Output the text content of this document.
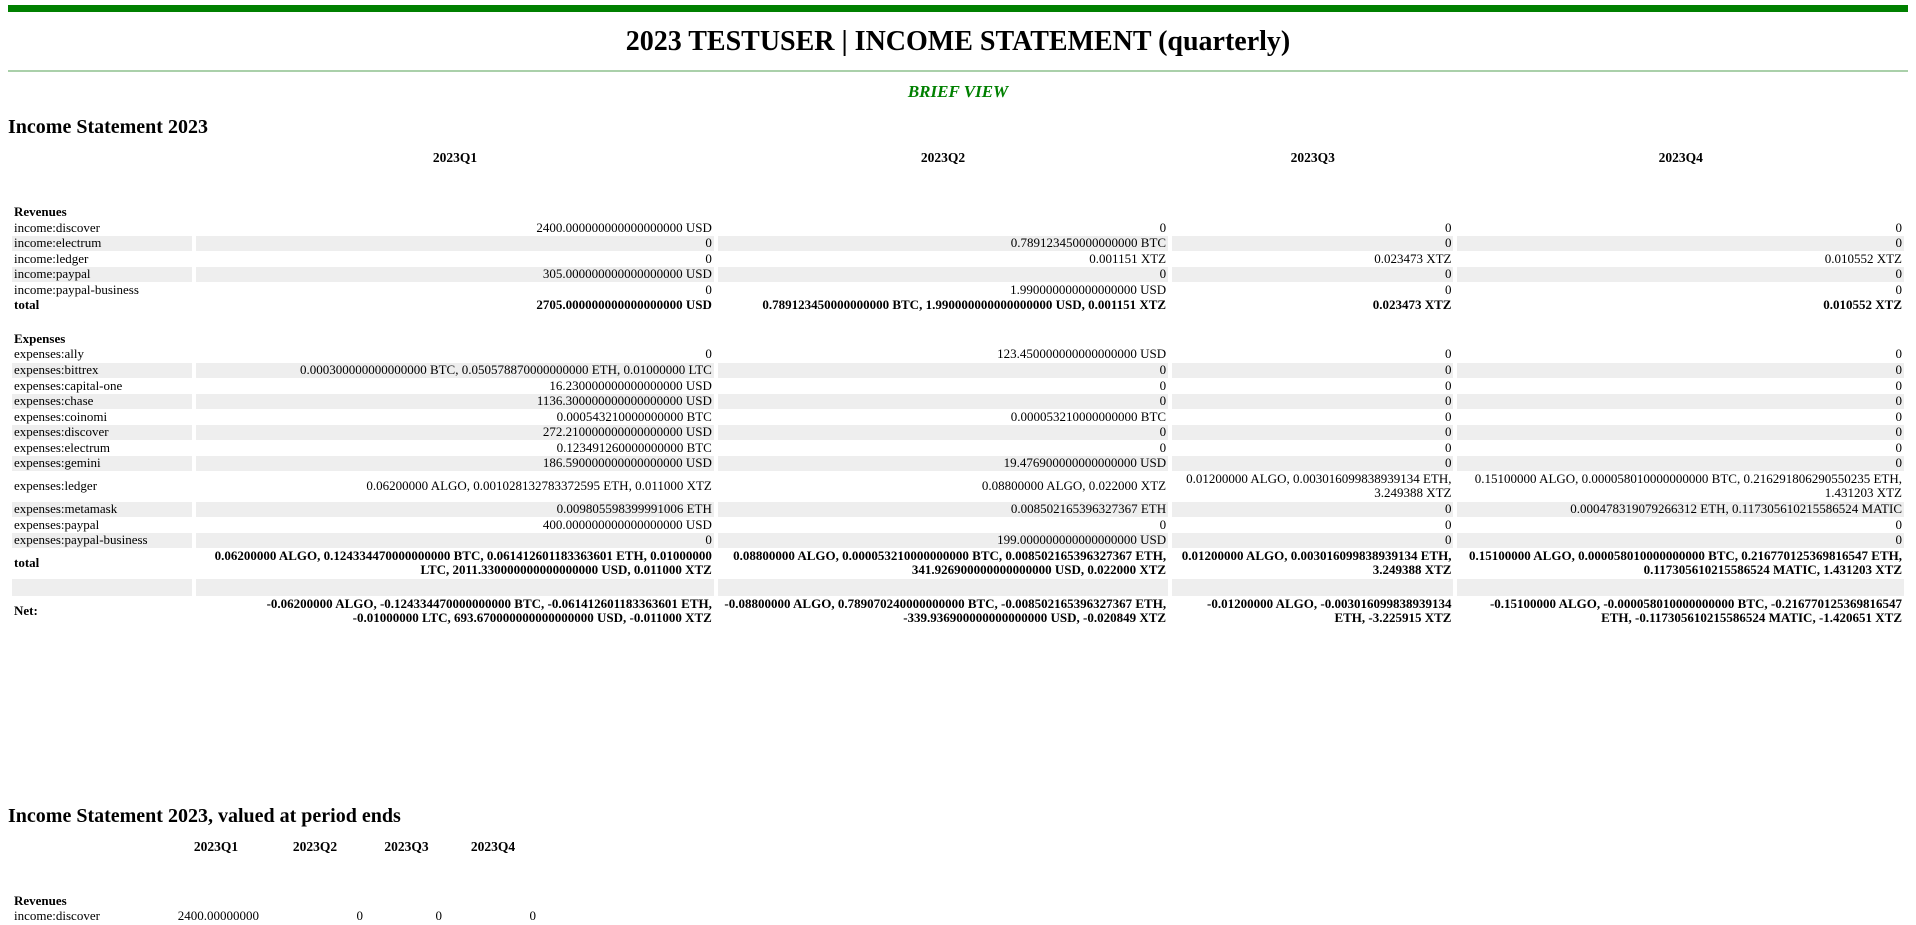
2023 TESTUSER | INCOME STATEMENT (quarterly)
BRIEF VIEW
Income Statement 2023
	2023Q1	2023Q2	2023Q3	2023Q4

Revenues				
income:discover	2400.000000000000000000 USD	0	0	0
income:electrum	0	0.789123450000000000 BTC	0	0
income:ledger	0	0.001151 XTZ	0.023473 XTZ	0.010552 XTZ
income:paypal	305.000000000000000000 USD	0	0	0
income:paypal-business	0	1.990000000000000000 USD	0	0
total	2705.000000000000000000 USD	0.789123450000000000 BTC, 1.990000000000000000 USD, 0.001151 XTZ	0.023473 XTZ	0.010552 XTZ

Expenses				
expenses:ally	0	123.450000000000000000 USD	0	0
expenses:bittrex	0.000300000000000000 BTC, 0.050578870000000000 ETH, 0.01000000 LTC	0	0	0
expenses:capital-one	16.230000000000000000 USD	0	0	0
expenses:chase	1136.300000000000000000 USD	0	0	0
expenses:coinomi	0.000543210000000000 BTC	0.000053210000000000 BTC	0	0
expenses:discover	272.210000000000000000 USD	0	0	0
expenses:electrum	0.123491260000000000 BTC	0	0	0
expenses:gemini	186.590000000000000000 USD	19.476900000000000000 USD	0	0
expenses:ledger	0.06200000 ALGO, 0.001028132783372595 ETH, 0.011000 XTZ	0.08800000 ALGO, 0.022000 XTZ	0.01200000 ALGO, 0.003016099838939134 ETH, 3.249388 XTZ	0.15100000 ALGO, 0.000058010000000000 BTC, 0.216291806290550235 ETH, 1.431203 XTZ
expenses:metamask	0.009805598399991006 ETH	0.008502165396327367 ETH	0	0.000478319079266312 ETH, 0.117305610215586524 MATIC
expenses:paypal	400.000000000000000000 USD	0	0	0
expenses:paypal-business	0	199.000000000000000000 USD	0	0
total	0.06200000 ALGO, 0.124334470000000000 BTC, 0.061412601183363601 ETH, 0.01000000 LTC, 2011.330000000000000000 USD, 0.011000 XTZ	0.08800000 ALGO, 0.000053210000000000 BTC, 0.008502165396327367 ETH, 341.926900000000000000 USD, 0.022000 XTZ	0.01200000 ALGO, 0.003016099838939134 ETH, 3.249388 XTZ	0.15100000 ALGO, 0.000058010000000000 BTC, 0.216770125369816547 ETH, 0.117305610215586524 MATIC, 1.431203 XTZ

Net:	-0.06200000 ALGO, -0.124334470000000000 BTC, -0.061412601183363601 ETH, -0.01000000 LTC, 693.670000000000000000 USD, -0.011000 XTZ	-0.08800000 ALGO, 0.789070240000000000 BTC, -0.008502165396327367 ETH, -339.936900000000000000 USD, -0.020849 XTZ	-0.01200000 ALGO, -0.003016099838939134 ETH, -3.225915 XTZ	-0.15100000 ALGO, -0.000058010000000000 BTC, -0.216770125369816547 ETH, -0.117305610215586524 MATIC, -1.420651 XTZ
Income Statement 2023, valued at period ends
	2023Q1	2023Q2	2023Q3	2023Q4

Revenues				
income:discover	2400.00000000	0	0	0
